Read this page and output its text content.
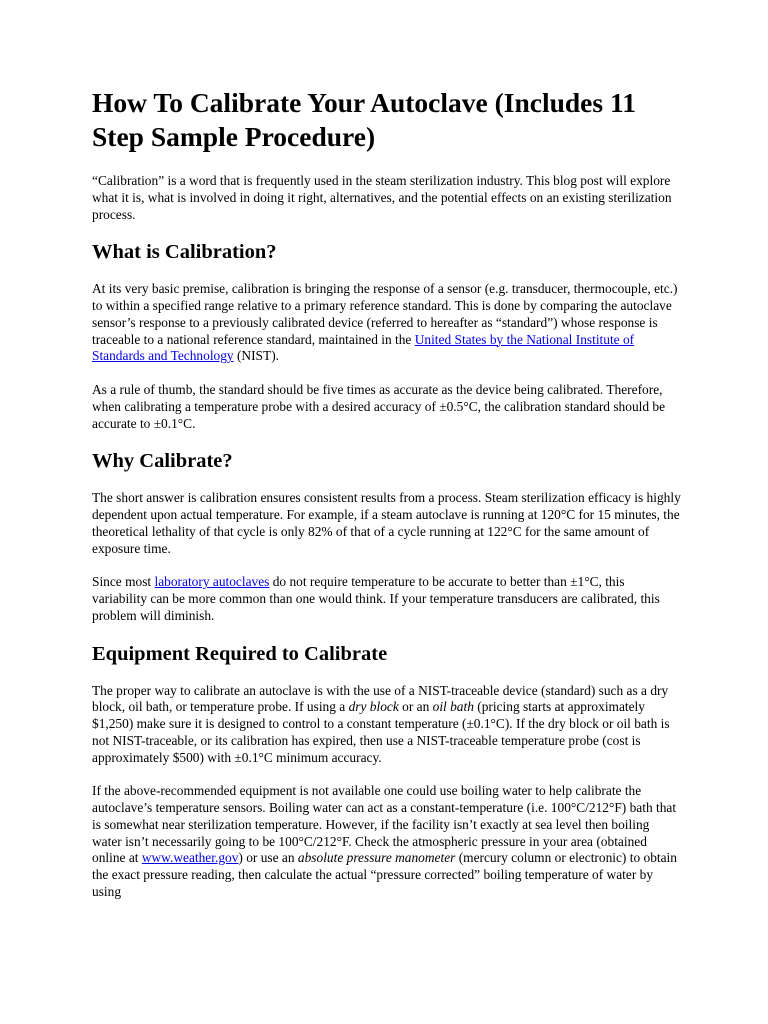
How To Calibrate Your Autoclave (Includes 11 Step Sample Procedure)

“Calibration” is a word that is frequently used in the steam sterilization industry. This blog post will explore what it is, what is involved in doing it right, alternatives, and the potential effects on an existing sterilization process.

What is Calibration?

At its very basic premise, calibration is bringing the response of a sensor (e.g. transducer, thermocouple, etc.) to within a specified range relative to a primary reference standard. This is done by comparing the autoclave sensor’s response to a previously calibrated device (referred to hereafter as “standard”) whose response is traceable to a national reference standard, maintained in the United States by the National Institute of Standards and Technology (NIST).

As a rule of thumb, the standard should be five times as accurate as the device being calibrated. Therefore, when calibrating a temperature probe with a desired accuracy of ±0.5°C, the calibration standard should be accurate to ±0.1°C.

Why Calibrate?

The short answer is calibration ensures consistent results from a process. Steam sterilization efficacy is highly dependent upon actual temperature. For example, if a steam autoclave is running at 120°C for 15 minutes, the theoretical lethality of that cycle is only 82% of that of a cycle running at 122°C for the same amount of exposure time.

Since most laboratory autoclaves do not require temperature to be accurate to better than ±1°C, this variability can be more common than one would think. If your temperature transducers are calibrated, this problem will diminish.

Equipment Required to Calibrate

The proper way to calibrate an autoclave is with the use of a NIST-traceable device (standard) such as a dry block, oil bath, or temperature probe. If using a dry block or an oil bath (pricing starts at approximately $1,250) make sure it is designed to control to a constant temperature (±0.1°C). If the dry block or oil bath is not NIST-traceable, or its calibration has expired, then use a NIST-traceable temperature probe (cost is approximately $500) with ±0.1°C minimum accuracy.

If the above-recommended equipment is not available one could use boiling water to help calibrate the autoclave’s temperature sensors. Boiling water can act as a constant-temperature (i.e. 100°C/212°F) bath that is somewhat near sterilization temperature. However, if the facility isn’t exactly at sea level then boiling water isn’t necessarily going to be 100°C/212°F. Check the atmospheric pressure in your area (obtained online at www.weather.gov) or use an absolute pressure manometer (mercury column or electronic) to obtain the exact pressure reading, then calculate the actual “pressure corrected” boiling temperature of water by using
